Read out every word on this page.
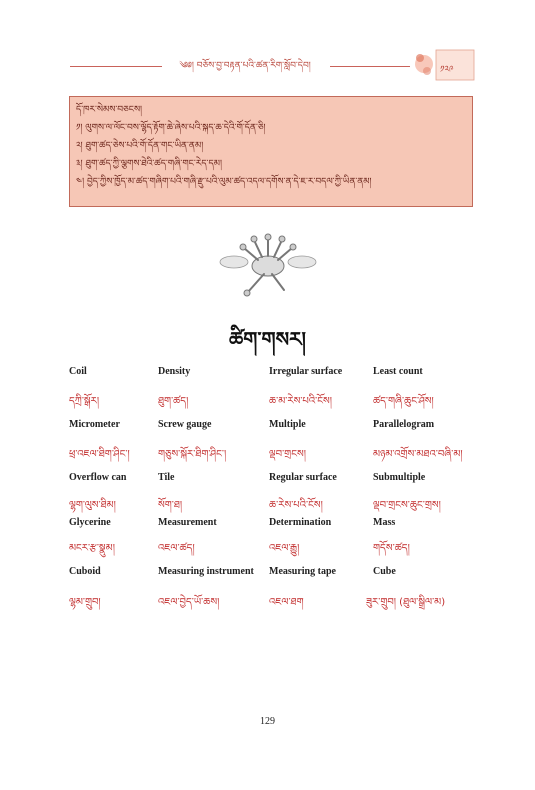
༄༅། བཅོས་བྱ་བརྟན་པའི་ཚན་རིག་སློབ་དེབ།	༡༢༩
དོ་ཁར་སེམས་བཅངས།
༡། ལུགས་ལ་ལོང་བས་ལྷོད་རྟོག་ཆེ་ཞེས་པའི་སྐད་ཆ་དེའི་གོ་དོན་ཅི།
༢། ཐུག་ཚད་ཅེས་པའི་གོ་དོན་གང་ཡིན་ནམ།
༣། ཐུག་ཚད་ཀྱི་ལྕགས་ཐེའི་ཚད་གཞི་གང་རེད་དམ།
༤། བྱེད་ཀྱིས་ཁྱོད་མ་ཚད་གཞིག་པའི་གཞི་རྫུ་པའི་ལུམ་ཚད་འདལ་དགོས་ན་དེ་ཇ་ར་བདལ་ཀྱི་ཡིན་ནམ།
ཚིག་གསར།
Coil
དཀྲི་སྒོར།
Density
ཐུག་ཚད།
Irregular surface
ཆ་མ་རེས་པའི་ངོས།
Least count
ཚད་གཞི་ཆུང་ཤོས།
Micrometer
ཕྲ་འཇལ་ཐིག་ཤིང་།
Screw gauge
གཅུས་སྐོར་ཐིག་ཤིང་།
Multiple
ལྡབ་གྲངས།
Parallelogram
མཉམ་འགྲོས་མཐའ་བཞི་མ།
Overflow can
ལྷག་ལུས་ཐིམ།
Tile
སོག་ཐ།
Regular surface
ཆ་རེས་པའི་ངོས།
Submultiple
ལྡབ་གྲངས་ཆུང་གྲས།
Glycerine
མངར་རྩ་སྣུམ།
Measurement
འཇལ་ཚད།
Determination
འཇལ་རྒྱུ།
Mass
གདོས་ཚད།
Cuboid
ལྷམ་གྲུབ།
Measuring instrument
འཇལ་བྱེད་ཡོ་ཆས།
Measuring tape
འཇལ་ཐག
Cube
ཟུར་གྲུབ། (ཐུལ་སྒྲིལ་མ)
129
